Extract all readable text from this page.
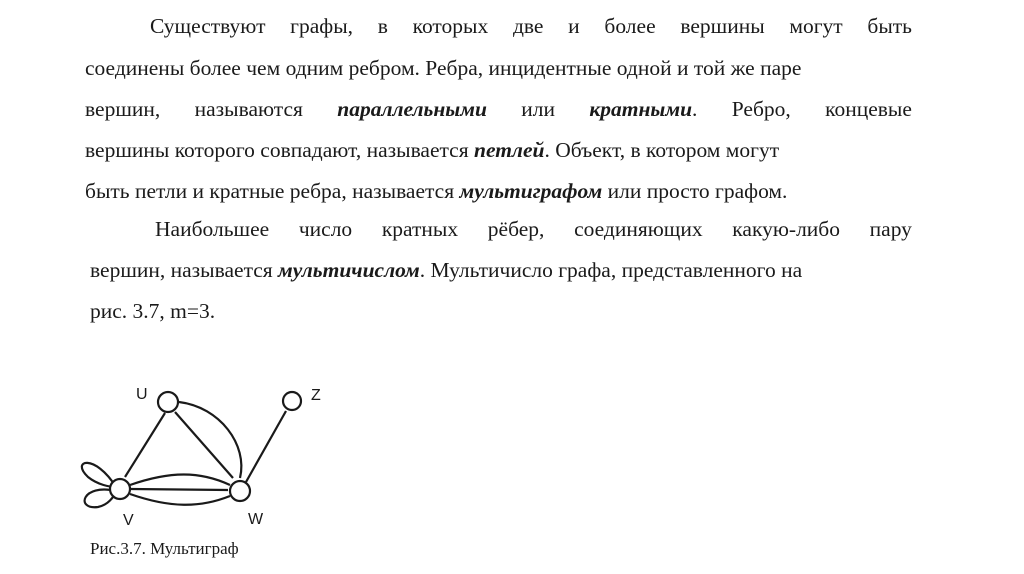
Существуют графы, в которых две и более вершины могут быть
соединены более чем одним ребром. Ребра, инцидентные одной и той же паре
вершин, называются параллельными или кратными. Ребро, концевые
вершины которого совпадают, называется петлей. Объект, в котором могут
быть петли и кратные ребра, называется мультиграфом или просто графом.
Наибольшее число кратных рёбер, соединяющих какую-либо пару
вершин, называется мультичислом. Мультичисло графа, представленного на
рис. 3.7, m=3.
U	Z
V	W
Рис.3.7. Мультиграф
